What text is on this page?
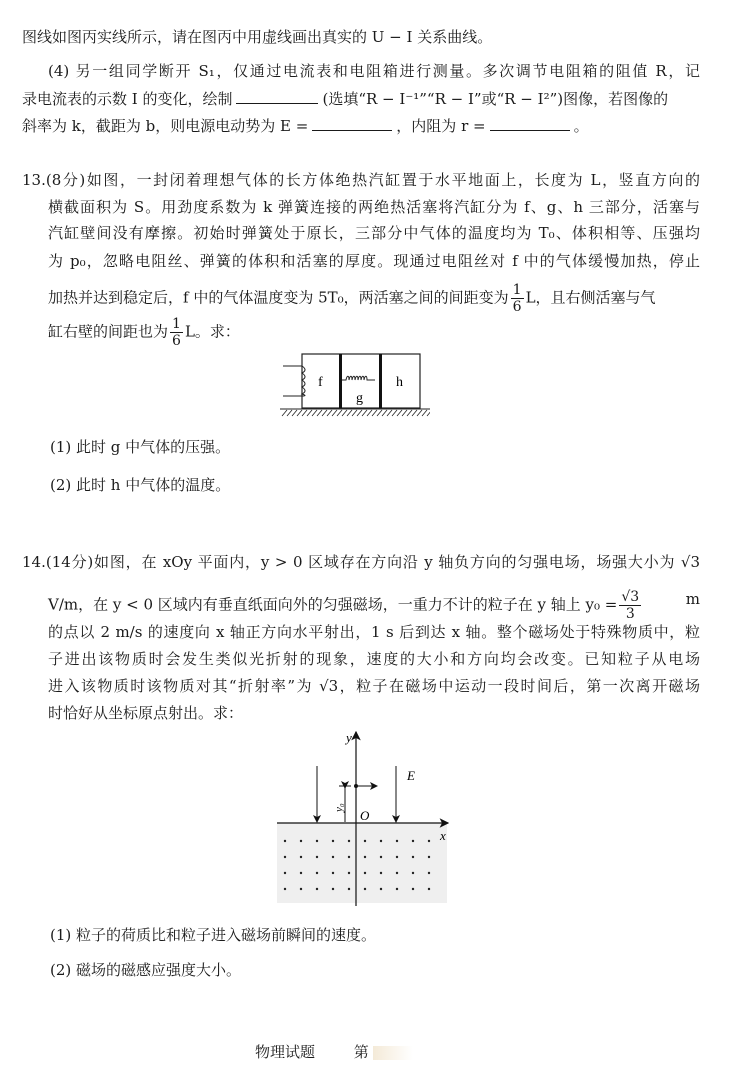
图线如图丙实线所示，请在图丙中用虚线画出真实的 U − I 关系曲线。
(4) 另一组同学断开 S₁，仅通过电流表和电阻箱进行测量。多次调节电阻箱的阻值 R，记
录电流表的示数 I 的变化，绘制	(选填“R − I⁻¹”“R − I”或“R − I²”)图像，若图像的
斜率为 k，截距为 b，则电源电动势为 E =	，内阻为 r =	。
13.(8分)如图，一封闭着理想气体的长方体绝热汽缸置于水平地面上，长度为 L，竖直方向的
横截面积为 S。用劲度系数为 k 弹簧连接的两绝热活塞将汽缸分为 f、g、h 三部分，活塞与
汽缸壁间没有摩擦。初始时弹簧处于原长，三部分中气体的温度均为 T₀、体积相等、压强均
为 p₀，忽略电阻丝、弹簧的体积和活塞的厚度。现通过电阻丝对 f 中的气体缓慢加热，停止
加热并达到稳定后，f 中的气体温度变为 5T₀，两活塞之间的间距变为 $\frac{1}{6}$ L，且右侧活塞与气
缸右壁的间距也为 $\frac{1}{6}$ L。求：
f
g
h
(1) 此时 g 中气体的压强。
(2) 此时 h 中气体的温度。
14.(14分)如图，在 xOy 平面内，y > 0 区域存在方向沿 y 轴负方向的匀强电场，场强大小为 √3
V/m，在 y < 0 区域内有垂直纸面向外的匀强磁场，一重力不计的粒子在 y 轴上 $y_0 = \frac{√3}{3}$	m
的点以 2 m/s 的速度向 x 轴正方向水平射出，1 s 后到达 x 轴。整个磁场处于特殊物质中，粒
子进出该物质时会发生类似光折射的现象，速度的大小和方向均会改变。已知粒子从电场
进入该物质时该物质对其“折射率”为 √3，粒子在磁场中运动一段时间后，第一次离开磁场
时恰好从坐标原点射出。求：
y
x
O
E
y₀
(1) 粒子的荷质比和粒子进入磁场前瞬间的速度。
(2) 磁场的磁感应强度大小。
物理试题	第
